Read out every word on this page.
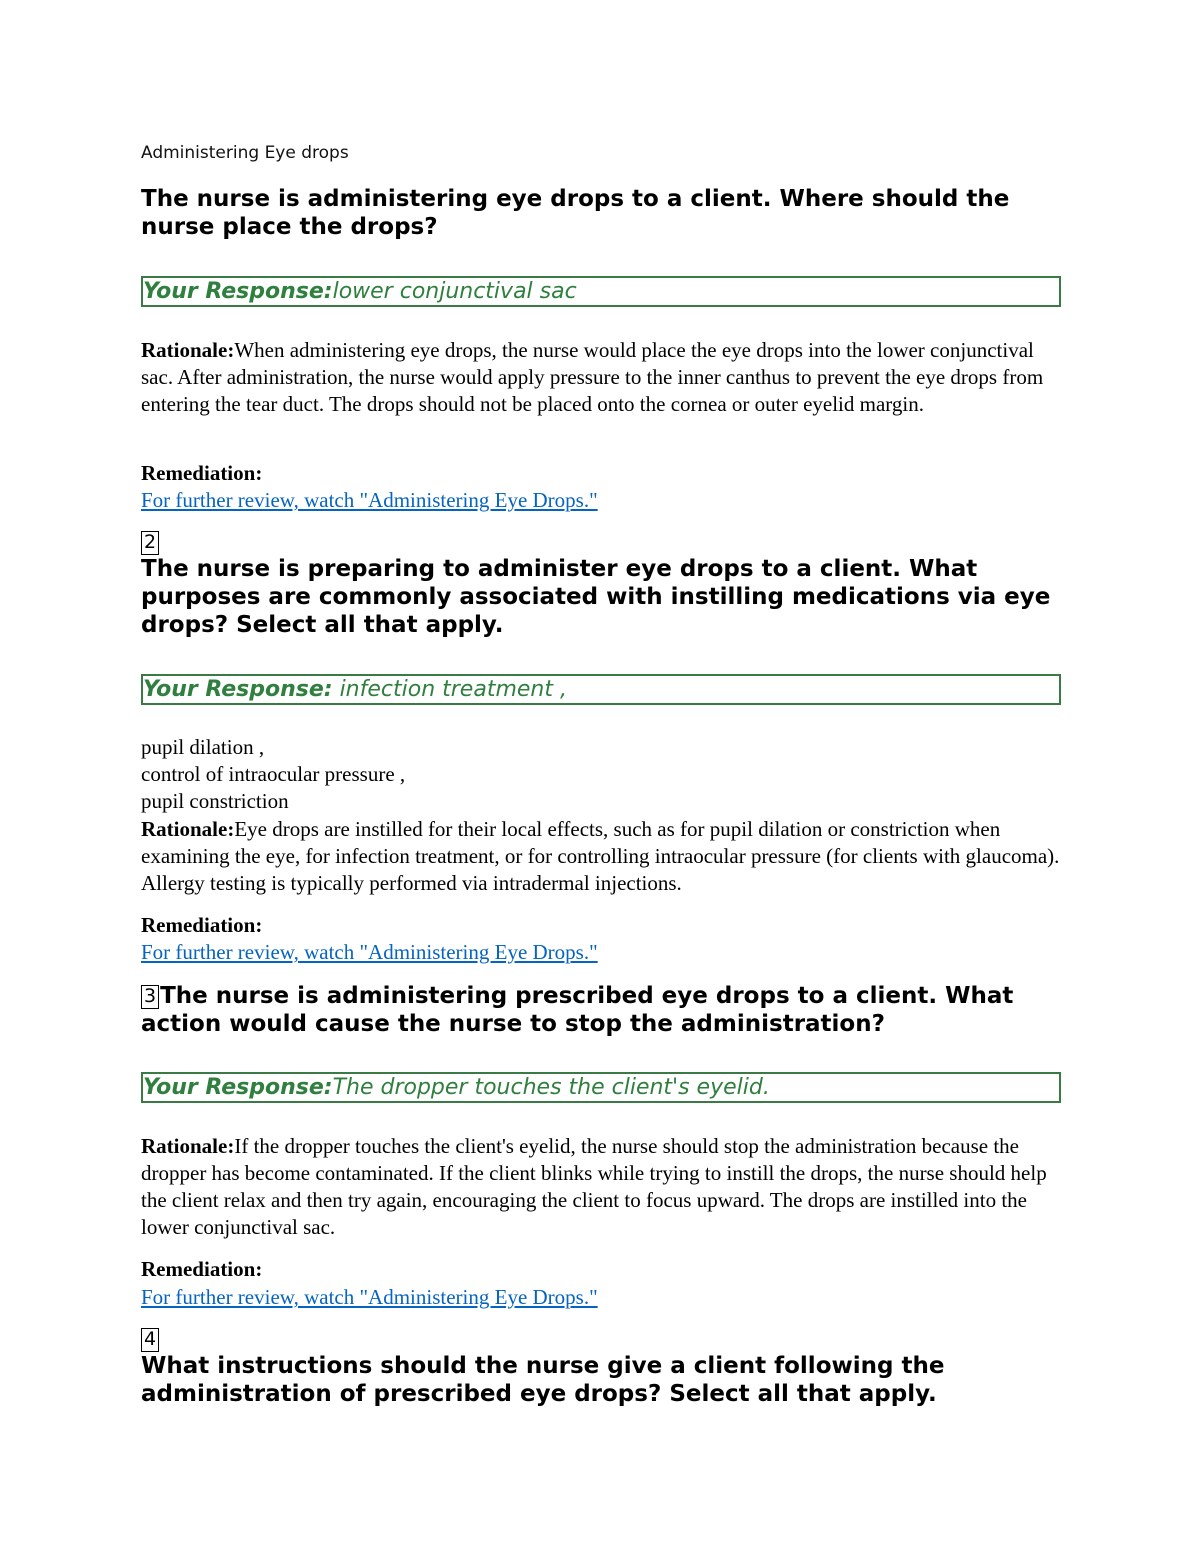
Administering Eye drops
The nurse is administering eye drops to a client. Where should the nurse place the drops?
Your Response:lower conjunctival sac
Rationale:When administering eye drops, the nurse would place the eye drops into the lower conjunctival sac. After administration, the nurse would apply pressure to the inner canthus to prevent the eye drops from entering the tear duct. The drops should not be placed onto the cornea or outer eyelid margin.
Remediation:
For further review, watch "Administering Eye Drops."
2
The nurse is preparing to administer eye drops to a client. What purposes are commonly associated with instilling medications via eye drops? Select all that apply.
Your Response: infection treatment ,
pupil dilation ,
control of intraocular pressure ,
pupil constriction
Rationale:Eye drops are instilled for their local effects, such as for pupil dilation or constriction when examining the eye, for infection treatment, or for controlling intraocular pressure (for clients with glaucoma). Allergy testing is typically performed via intradermal injections.
Remediation:
For further review, watch "Administering Eye Drops."
3 The nurse is administering prescribed eye drops to a client. What action would cause the nurse to stop the administration?
Your Response:The dropper touches the client's eyelid.
Rationale:If the dropper touches the client's eyelid, the nurse should stop the administration because the dropper has become contaminated. If the client blinks while trying to instill the drops, the nurse should help the client relax and then try again, encouraging the client to focus upward. The drops are instilled into the lower conjunctival sac.
Remediation:
For further review, watch "Administering Eye Drops."
4
What instructions should the nurse give a client following the administration of prescribed eye drops? Select all that apply.
